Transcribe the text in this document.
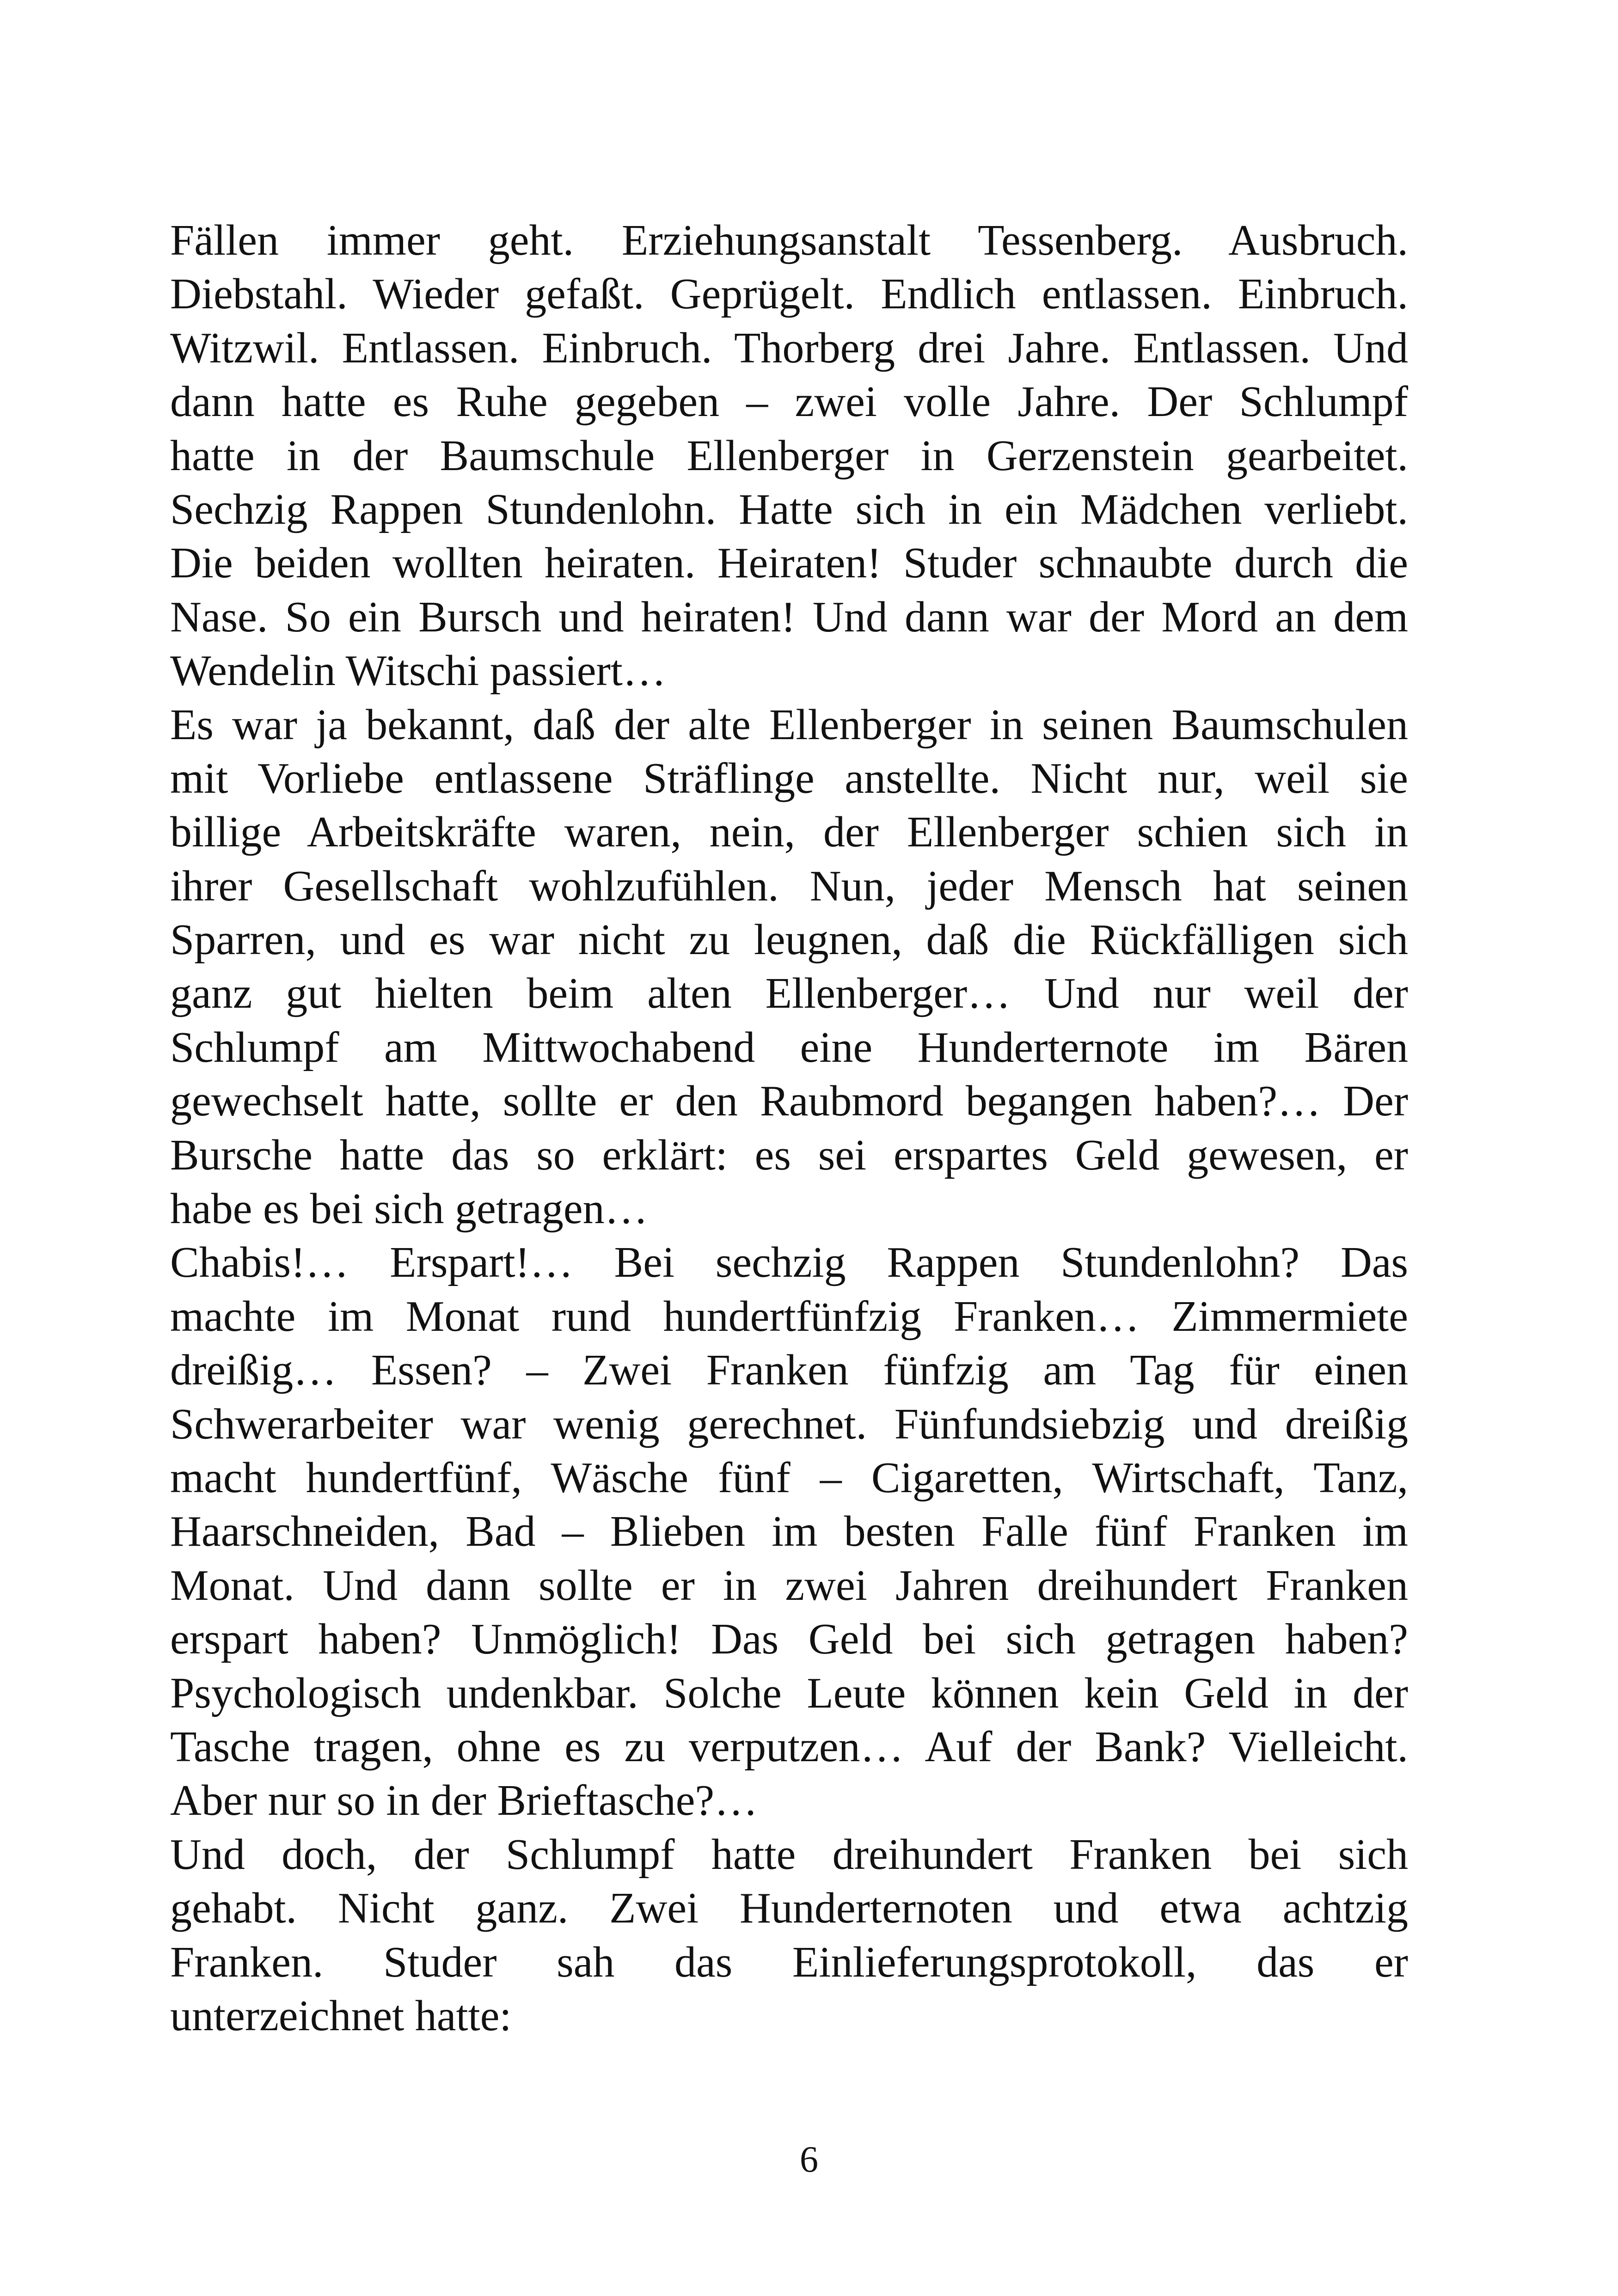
Fällen immer geht. Erziehungsanstalt Tessenberg. Ausbruch.
Diebstahl. Wieder gefaßt. Geprügelt. Endlich entlassen. Einbruch.
Witzwil. Entlassen. Einbruch. Thorberg drei Jahre. Entlassen. Und
dann hatte es Ruhe gegeben – zwei volle Jahre. Der Schlumpf
hatte in der Baumschule Ellenberger in Gerzenstein gearbeitet.
Sechzig Rappen Stundenlohn. Hatte sich in ein Mädchen verliebt.
Die beiden wollten heiraten. Heiraten! Studer schnaubte durch die
Nase. So ein Bursch und heiraten! Und dann war der Mord an dem
Wendelin Witschi passiert…
Es war ja bekannt, daß der alte Ellenberger in seinen Baumschulen
mit Vorliebe entlassene Sträflinge anstellte. Nicht nur, weil sie
billige Arbeitskräfte waren, nein, der Ellenberger schien sich in
ihrer Gesellschaft wohlzufühlen. Nun, jeder Mensch hat seinen
Sparren, und es war nicht zu leugnen, daß die Rückfälligen sich
ganz gut hielten beim alten Ellenberger… Und nur weil der
Schlumpf am Mittwochabend eine Hunderternote im Bären
gewechselt hatte, sollte er den Raubmord begangen haben?… Der
Bursche hatte das so erklärt: es sei erspartes Geld gewesen, er
habe es bei sich getragen…
Chabis!… Erspart!… Bei sechzig Rappen Stundenlohn? Das
machte im Monat rund hundertfünfzig Franken… Zimmermiete
dreißig… Essen? – Zwei Franken fünfzig am Tag für einen
Schwerarbeiter war wenig gerechnet. Fünfundsiebzig und dreißig
macht hundertfünf, Wäsche fünf – Cigaretten, Wirtschaft, Tanz,
Haarschneiden, Bad – Blieben im besten Falle fünf Franken im
Monat. Und dann sollte er in zwei Jahren dreihundert Franken
erspart haben? Unmöglich! Das Geld bei sich getragen haben?
Psychologisch undenkbar. Solche Leute können kein Geld in der
Tasche tragen, ohne es zu verputzen… Auf der Bank? Vielleicht.
Aber nur so in der Brieftasche?…
Und doch, der Schlumpf hatte dreihundert Franken bei sich
gehabt. Nicht ganz. Zwei Hunderternoten und etwa achtzig
Franken. Studer sah das Einlieferungsprotokoll, das er
unterzeichnet hatte:
6
